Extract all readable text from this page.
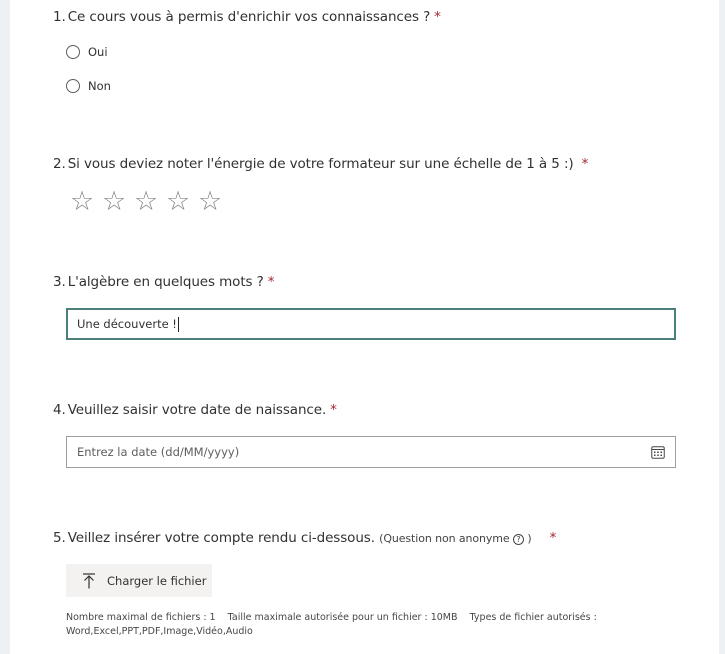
1. Ce cours vous à permis d'enrichir vos connaissances ? *
Oui
Non
2. Si vous deviez noter l'énergie de votre formateur sur une échelle de 1 à 5 :) *
☆ ☆ ☆ ☆ ☆
3. L'algèbre en quelques mots ? *
Une découverte !
4. Veuillez saisir votre date de naissance. *
Entrez la date (dd/MM/yyyy)
5. Veillez insérer votre compte rendu ci-dessous. (Question non anonyme ? ) *
Charger le fichier
Nombre maximal de fichiers : 1    Taille maximale autorisée pour un fichier : 10MB    Types de fichier autorisés :
Word,Excel,PPT,PDF,Image,Vidéo,Audio
